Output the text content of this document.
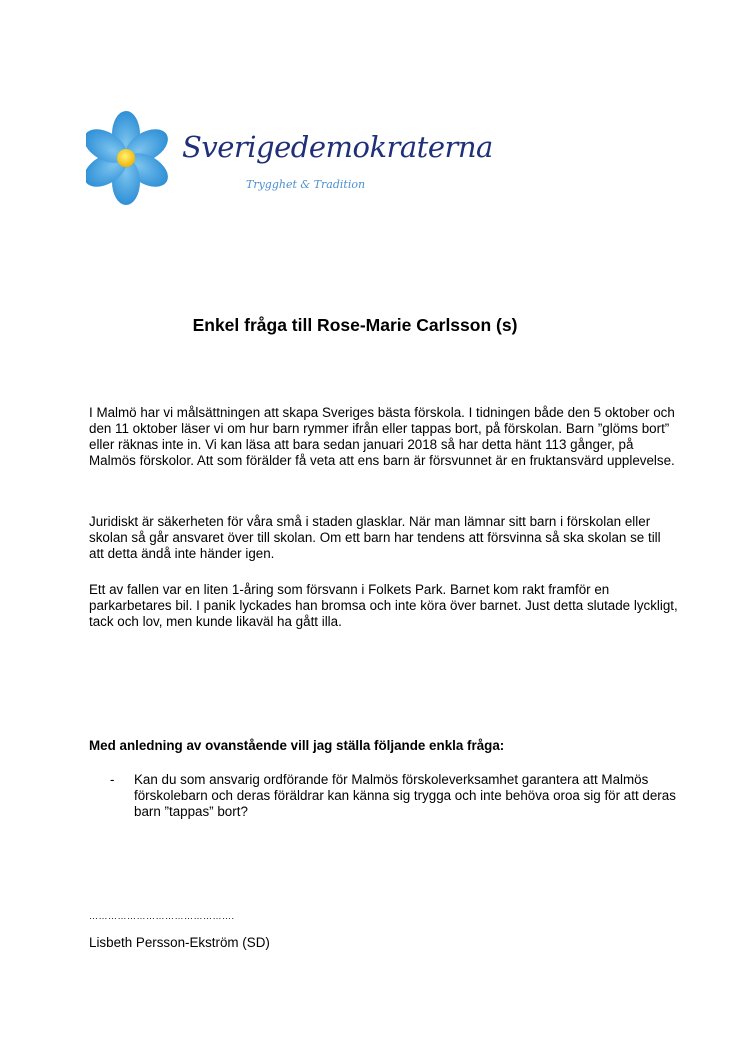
Sverigedemokraterna
Trygghet & Tradition
Enkel fråga till Rose-Marie Carlsson (s)

I Malmö har vi målsättningen att skapa Sveriges bästa förskola. I tidningen både den 5 oktober och den 11 oktober läser vi om hur barn rymmer ifrån eller tappas bort, på förskolan. Barn ”glöms bort” eller räknas inte in. Vi kan läsa att bara sedan januari 2018 så har detta hänt 113 gånger, på Malmös förskolor. Att som förälder få veta att ens barn är försvunnet är en fruktansvärd upplevelse.

Juridiskt är säkerheten för våra små i staden glasklar. När man lämnar sitt barn i förskolan eller skolan så går ansvaret över till skolan. Om ett barn har tendens att försvinna så ska skolan se till att detta ändå inte händer igen.

Ett av fallen var en liten 1-åring som försvann i Folkets Park. Barnet kom rakt framför en parkarbetares bil. I panik lyckades han bromsa och inte köra över barnet. Just detta slutade lyckligt, tack och lov, men kunde likaväl ha gått illa.

Med anledning av ovanstående vill jag ställa följande enkla fråga:

-	Kan du som ansvarig ordförande för Malmös förskoleverksamhet garantera att Malmös förskolebarn och deras föräldrar kan känna sig trygga och inte behöva oroa sig för att deras barn ”tappas” bort?
……………………………………….
Lisbeth Persson-Ekström (SD)
